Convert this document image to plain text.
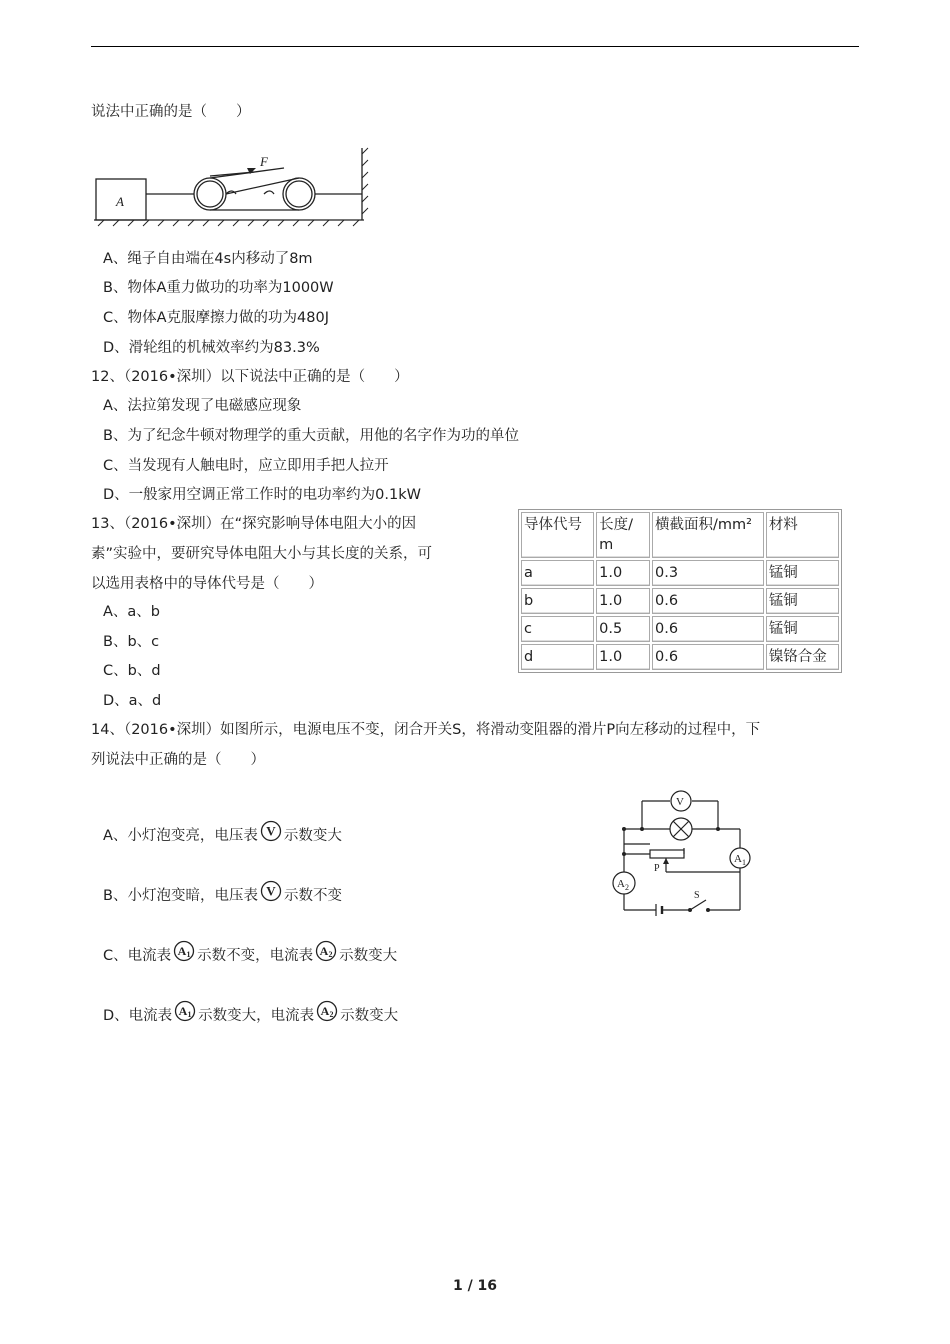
说法中正确的是（　　）
A
F
A、绳子自由端在4s内移动了8m
B、物体A重力做功的功率为1000W
C、物体A克服摩擦力做的功为480J
D、滑轮组的机械效率约为83.3%
12、（2016•深圳）以下说法中正确的是（　　）
A、法拉第发现了电磁感应现象
B、为了纪念牛顿对物理学的重大贡献，用他的名字作为功的单位
C、当发现有人触电时，应立即用手把人拉开
D、一般家用空调正常工作时的电功率约为0.1kW
13、（2016•深圳）在“探究影响导体电阻大小的因
素”实验中，要研究导体电阻大小与其长度的关系，可
以选用表格中的导体代号是（　　）
A、a、b
B、b、c
C、b、d
D、a、d
导体代号	长度/m	横截面积/mm²	材料
a	1.0	0.3	锰铜
b	1.0	0.6	锰铜
c	0.5	0.6	锰铜
d	1.0	0.6	镍铬合金
14、（2016•深圳）如图所示，电源电压不变，闭合开关S，将滑动变阻器的滑片P向左移动的过程中，下
列说法中正确的是（　　）
V
A 1
A 2
P
S
A、小灯泡变亮，电压表 V 示数变大
B、小灯泡变暗，电压表 V 示数不变
C、电流表 A 1 示数不变，电流表 A 2 示数变大
D、电流表 A 1 示数变大，电流表 A 2 示数变大
1 / 16
